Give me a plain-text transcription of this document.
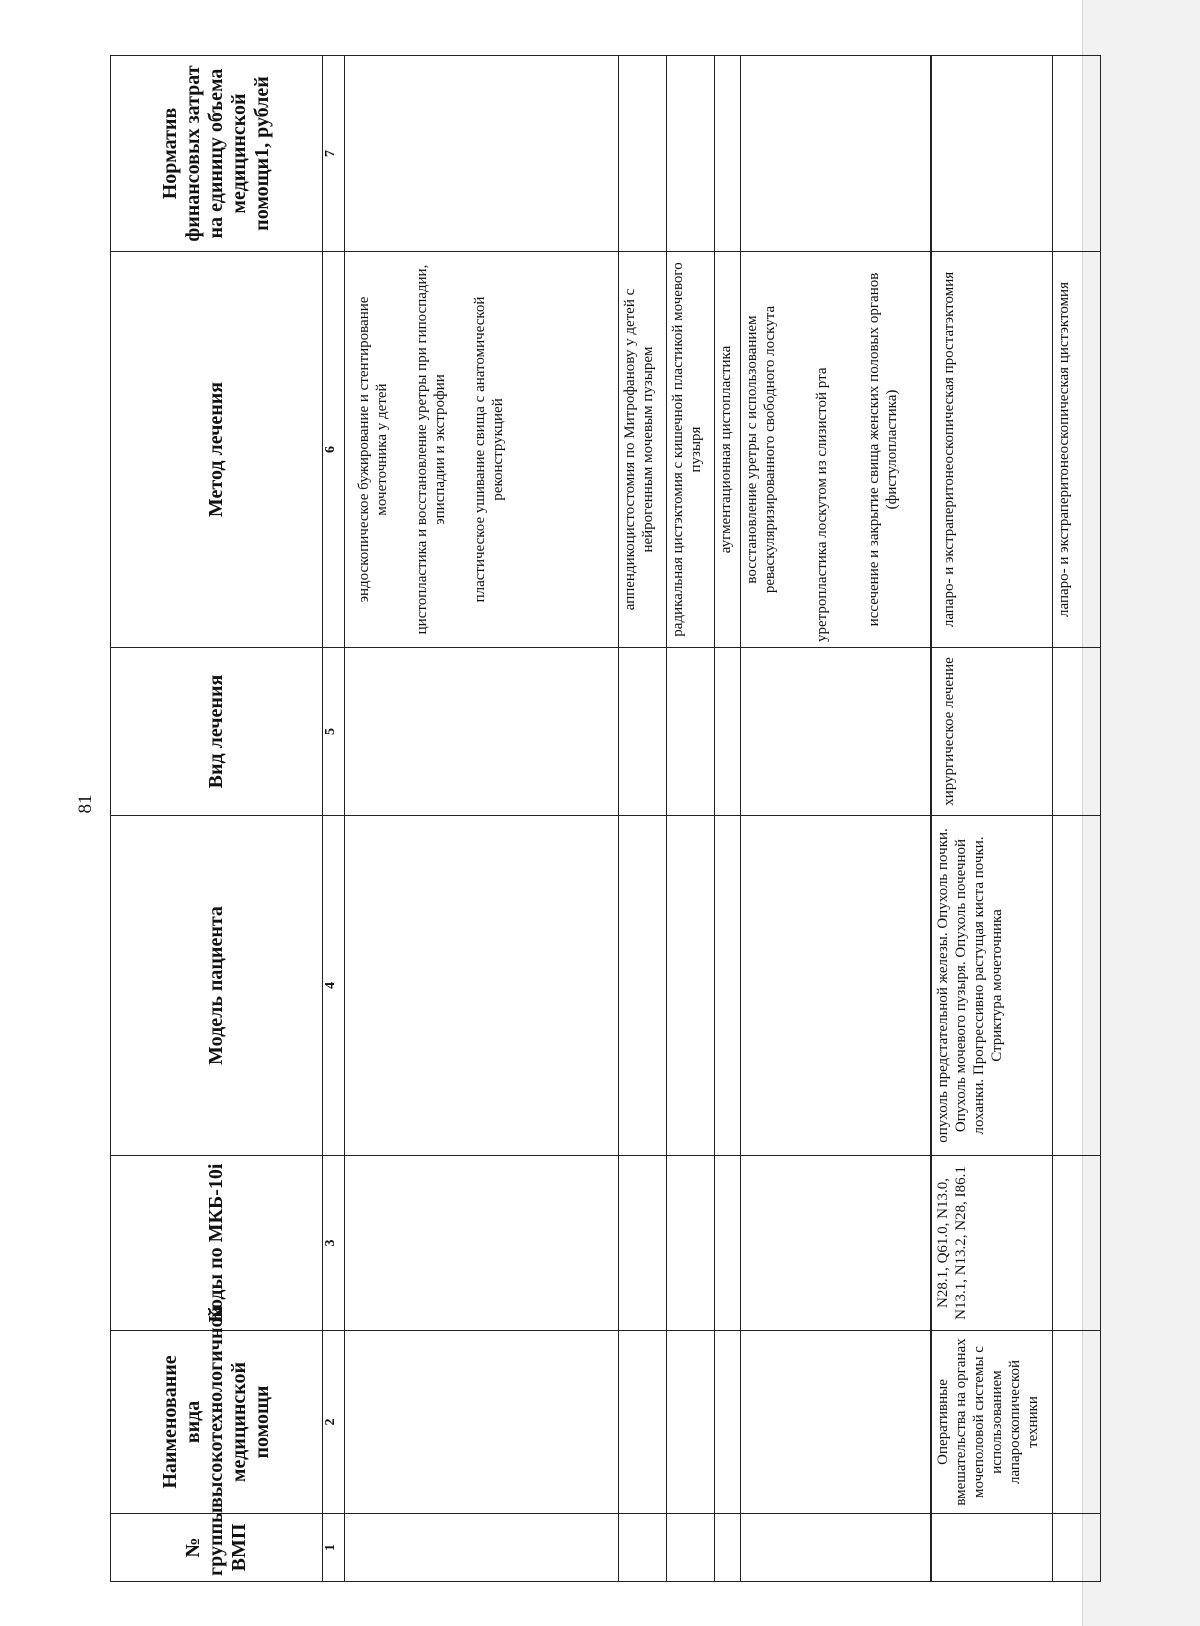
81
№ группы ВМП	Наименование вида высокотехнологичной медицинской помощи	Коды по МКБ-10i	Модель пациента	Вид лечения	Метод лечения	Норматив финансовых затрат на единицу объема медицинской помощи1, рублей
1	2	3	4	5	6	7

					эндоскопическое бужирование и стентирование мочеточника у детей цистопластика и восстановление уретры при гипоспадии, эписпадии и экстрофии пластическое ушивание свища с анатомической реконструкцией	

					аппендикоцистостомия по Митрофанову у детей с нейрогенным мочевым пузырем	
					радикальная цистэктомия с кишечной пластикой мочевого пузыря	
					аугментационная цистопластика	

					восстановление уретры с использованием реваскуляризированного свободного лоскута уретропластика лоскутом из слизистой рта иссечение и закрытие свища женских половых органов (фистулопластика)	

	Оперативные вмешательства на органах мочеполовой системы с использованием лапароскопической техники	N28.1, Q61.0, N13.0, N13.1, N13.2, N28, I86.1	опухоль предстательной железы. Опухоль почки. Опухоль мочевого пузыря. Опухоль почечной лоханки. Прогрессивно растущая киста почки. Стриктура мочеточника	хирургическое лечение	лапаро- и экстраперитонеоскопическая простатэктомия	
					лапаро- и экстраперитонеоскопическая цистэктомия	
